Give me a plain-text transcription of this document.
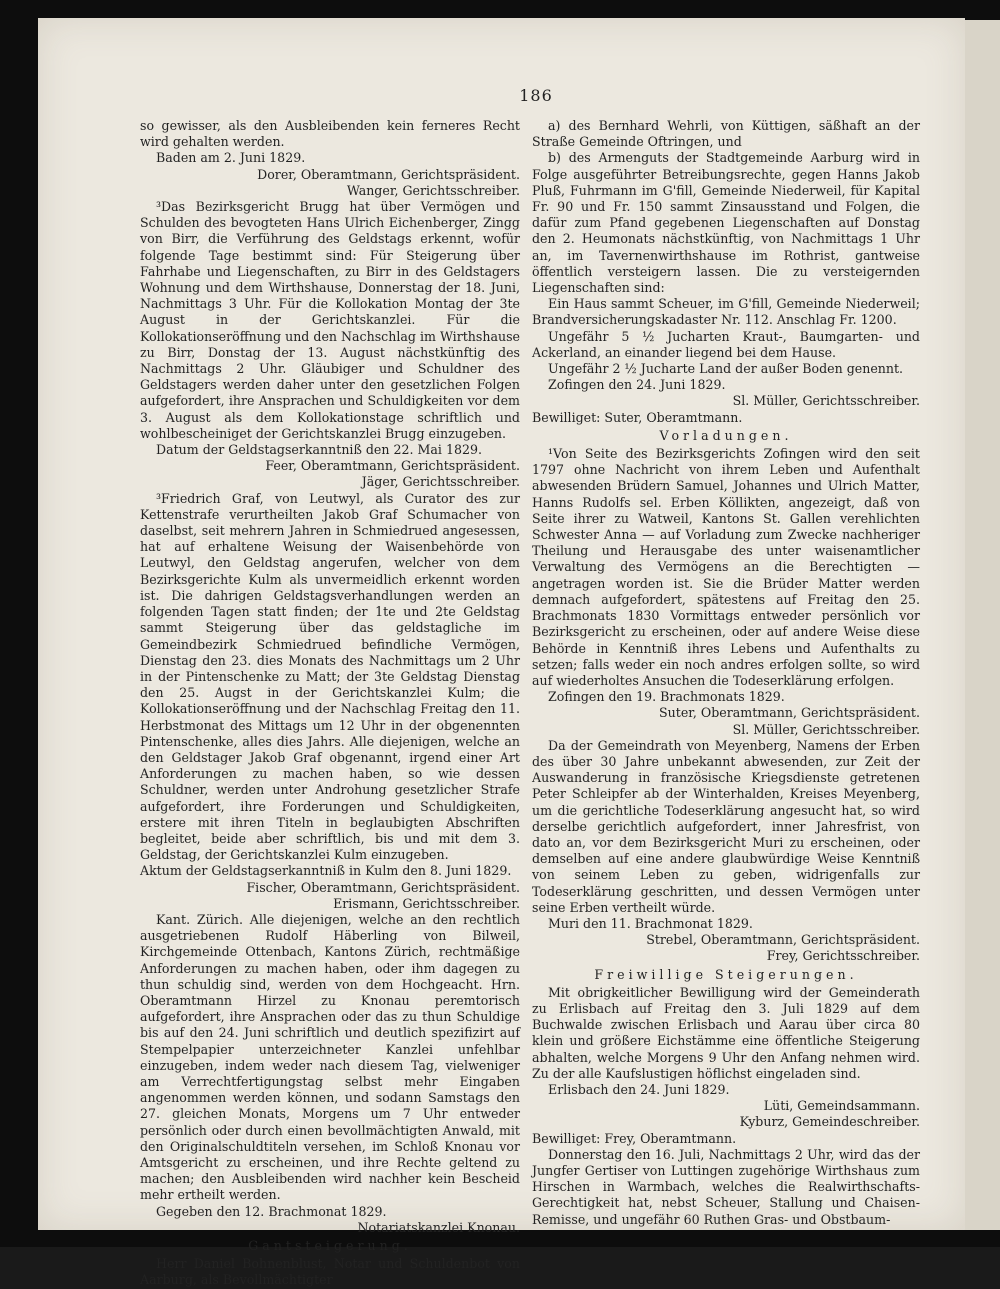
186

so gewisser, als den Ausbleibenden kein ferneres Recht wird gehalten werden.

Baden am 2. Juni 1829.

Dorer, Oberamtmann, Gerichtspräsident.

Wanger, Gerichtsschreiber.

³Das Bezirksgericht Brugg hat über Vermögen und Schulden des bevogteten Hans Ulrich Eichenberger, Zingg von Birr, die Verführung des Geldstags erkennt, wofür folgende Tage bestimmt sind: Für Steigerung über Fahrhabe und Liegenschaften, zu Birr in des Geldstagers Wohnung und dem Wirthshause, Donnerstag der 18. Juni, Nachmittags 3 Uhr. Für die Kollokation Montag der 3te August in der Gerichtskanzlei. Für die Kollokationseröffnung und den Nachschlag im Wirthshause zu Birr, Donstag der 13. August nächstkünftig des Nachmittags 2 Uhr. Gläubiger und Schuldner des Geldstagers werden daher unter den gesetzlichen Folgen aufgefordert, ihre Ansprachen und Schuldigkeiten vor dem 3. August als dem Kollokationstage schriftlich und wohlbescheiniget der Gerichtskanzlei Brugg einzugeben.

Datum der Geldstagserkanntniß den 22. Mai 1829.

Feer, Oberamtmann, Gerichtspräsident.

Jäger, Gerichtsschreiber.

³Friedrich Graf, von Leutwyl, als Curator des zur Kettenstrafe verurtheilten Jakob Graf Schumacher von daselbst, seit mehrern Jahren in Schmiedrued angesessen, hat auf erhaltene Weisung der Waisenbehörde von Leutwyl, den Geldstag angerufen, welcher von dem Bezirksgerichte Kulm als unvermeidlich erkennt worden ist. Die dahrigen Geldstagsverhandlungen werden an folgenden Tagen statt finden; der 1te und 2te Geldstag sammt Steigerung über das geldstagliche im Gemeindbezirk Schmiedrued befindliche Vermögen, Dienstag den 23. dies Monats des Nachmittags um 2 Uhr in der Pintenschenke zu Matt; der 3te Geldstag Dienstag den 25. Augst in der Gerichtskanzlei Kulm; die Kollokationseröffnung und der Nachschlag Freitag den 11. Herbstmonat des Mittags um 12 Uhr in der obgenennten Pintenschenke, alles dies Jahrs. Alle diejenigen, welche an den Geldstager Jakob Graf obgenannt, irgend einer Art Anforderungen zu machen haben, so wie dessen Schuldner, werden unter Androhung gesetzlicher Strafe aufgefordert, ihre Forderungen und Schuldigkeiten, erstere mit ihren Titeln in beglaubigten Abschriften begleitet, beide aber schriftlich, bis und mit dem 3. Geldstag, der Gerichtskanzlei Kulm einzugeben.

Aktum der Geldstagserkanntniß in Kulm den 8. Juni 1829.

Fischer, Oberamtmann, Gerichtspräsident.

Erismann, Gerichtsschreiber.

Kant. Zürich. Alle diejenigen, welche an den rechtlich ausgetriebenen Rudolf Häberling von Bilweil, Kirchgemeinde Ottenbach, Kantons Zürich, rechtmäßige Anforderungen zu machen haben, oder ihm dagegen zu thun schuldig sind, werden von dem Hochgeacht. Hrn. Oberamtmann Hirzel zu Knonau peremtorisch aufgefordert, ihre Ansprachen oder das zu thun Schuldige bis auf den 24. Juni schriftlich und deutlich spezifizirt auf Stempelpapier unterzeichneter Kanzlei unfehlbar einzugeben, indem weder nach diesem Tag, vielweniger am Verrechtfertigungstag selbst mehr Eingaben angenommen werden können, und sodann Samstags den 27. gleichen Monats, Morgens um 7 Uhr entweder persönlich oder durch einen bevollmächtigten Anwald, mit den Originalschuldtiteln versehen, im Schloß Knonau vor Amtsgericht zu erscheinen, und ihre Rechte geltend zu machen; den Ausbleibenden wird nachher kein Bescheid mehr ertheilt werden.

Gegeben den 12. Brachmonat 1829.

Notariatskanzlei Knonau.

Gantsteigerung.

Herr Daniel Bohnenblust, Notar und Schuldenbot von Aarburg, als Bevollmächtigter

a) des Bernhard Wehrli, von Küttigen, säßhaft an der Straße Gemeinde Oftringen, und

b) des Armenguts der Stadtgemeinde Aarburg wird in Folge ausgeführter Betreibungsrechte, gegen Hanns Jakob Pluß, Fuhrmann im G'fill, Gemeinde Niederweil, für Kapital Fr. 90 und Fr. 150 sammt Zinsausstand und Folgen, die dafür zum Pfand gegebenen Liegenschaften auf Donstag den 2. Heumonats nächstkünftig, von Nachmittags 1 Uhr an, im Tavernenwirthshause im Rothrist, gantweise öffentlich versteigern lassen. Die zu versteigernden Liegenschaften sind:

Ein Haus sammt Scheuer, im G'fill, Gemeinde Niederweil; Brandversicherungskadaster Nr. 112. Anschlag Fr. 1200.

Ungefähr 5 ½ Jucharten Kraut-, Baumgarten- und Ackerland, an einander liegend bei dem Hause.

Ungefähr 2 ½ Jucharte Land der außer Boden genennt.

Zofingen den 24. Juni 1829.

Sl. Müller, Gerichtsschreiber.

Bewilliget: Suter, Oberamtmann.

Vorladungen.

¹Von Seite des Bezirksgerichts Zofingen wird den seit 1797 ohne Nachricht von ihrem Leben und Aufenthalt abwesenden Brüdern Samuel, Johannes und Ulrich Matter, Hanns Rudolfs sel. Erben Köllikten, angezeigt, daß von Seite ihrer zu Watweil, Kantons St. Gallen verehlichten Schwester Anna — auf Vorladung zum Zwecke nachheriger Theilung und Herausgabe des unter waisenamtlicher Verwaltung des Vermögens an die Berechtigten — angetragen worden ist. Sie die Brüder Matter werden demnach aufgefordert, spätestens auf Freitag den 25. Brachmonats 1830 Vormittags entweder persönlich vor Bezirksgericht zu erscheinen, oder auf andere Weise diese Behörde in Kenntniß ihres Lebens und Aufenthalts zu setzen; falls weder ein noch andres erfolgen sollte, so wird auf wiederholtes Ansuchen die Todeserklärung erfolgen.

Zofingen den 19. Brachmonats 1829.

Suter, Oberamtmann, Gerichtspräsident.

Sl. Müller, Gerichtsschreiber.

Da der Gemeindrath von Meyenberg, Namens der Erben des über 30 Jahre unbekannt abwesenden, zur Zeit der Auswanderung in französische Kriegsdienste getretenen Peter Schleipfer ab der Winterhalden, Kreises Meyenberg, um die gerichtliche Todeserklärung angesucht hat, so wird derselbe gerichtlich aufgefordert, inner Jahresfrist, von dato an, vor dem Bezirksgericht Muri zu erscheinen, oder demselben auf eine andere glaubwürdige Weise Kenntniß von seinem Leben zu geben, widrigenfalls zur Todeserklärung geschritten, und dessen Vermögen unter seine Erben vertheilt würde.

Muri den 11. Brachmonat 1829.

Strebel, Oberamtmann, Gerichtspräsident.

Frey, Gerichtsschreiber.

Freiwillige Steigerungen.

Mit obrigkeitlicher Bewilligung wird der Gemeinderath zu Erlisbach auf Freitag den 3. Juli 1829 auf dem Buchwalde zwischen Erlisbach und Aarau über circa 80 klein und größere Eichstämme eine öffentliche Steigerung abhalten, welche Morgens 9 Uhr den Anfang nehmen wird. Zu der alle Kaufslustigen höflichst eingeladen sind.

Erlisbach den 24. Juni 1829.

Lüti, Gemeindsammann.

Kyburz, Gemeindeschreiber.

Bewilliget: Frey, Oberamtmann.

Donnerstag den 16. Juli, Nachmittags 2 Uhr, wird das der Jungfer Gertiser von Luttingen zugehörige Wirthshaus zum Hirschen in Warmbach, welches die Realwirthschafts-Gerechtigkeit hat, nebst Scheuer, Stallung und Chaisen-Remisse, und ungefähr 60 Ruthen Gras- und Obstbaum-
